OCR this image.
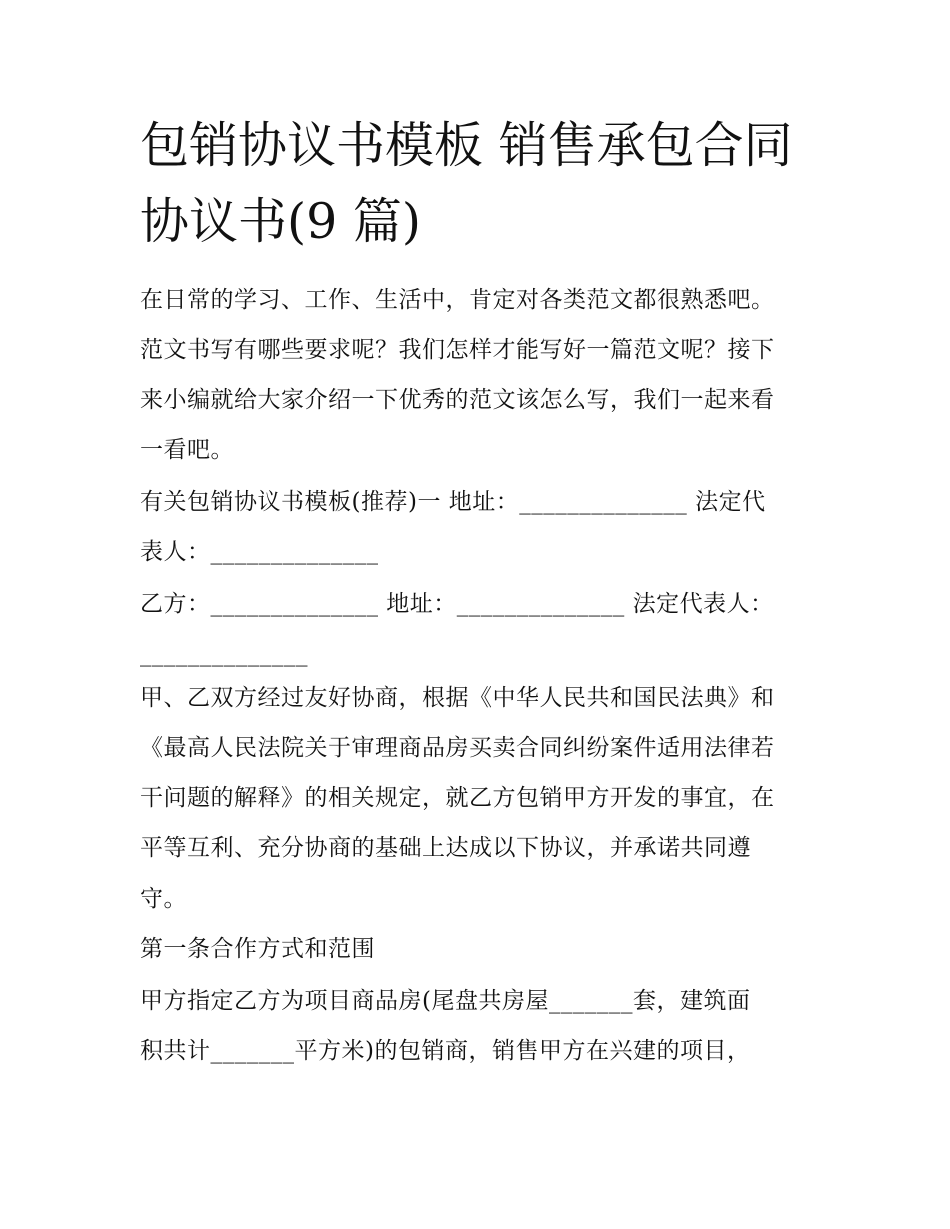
包销协议书模板 销售承包合同
协议书(9 篇)
在日常的学习、工作、生活中，肯定对各类范文都很熟悉吧。
范文书写有哪些要求呢？我们怎样才能写好一篇范文呢？接下
来小编就给大家介绍一下优秀的范文该怎么写，我们一起来看
一看吧。
有关包销协议书模板(推荐)一 地址：______________ 法定代
表人：______________
乙方：______________ 地址：______________ 法定代表人：
______________
甲、乙双方经过友好协商，根据《中华人民共和国民法典》和
《最高人民法院关于审理商品房买卖合同纠纷案件适用法律若
干问题的解释》的相关规定，就乙方包销甲方开发的事宜，在
平等互利、充分协商的基础上达成以下协议，并承诺共同遵
守。
第一条合作方式和范围
甲方指定乙方为项目商品房(尾盘共房屋_______套，建筑面
积共计_______平方米)的包销商，销售甲方在兴建的项目，
